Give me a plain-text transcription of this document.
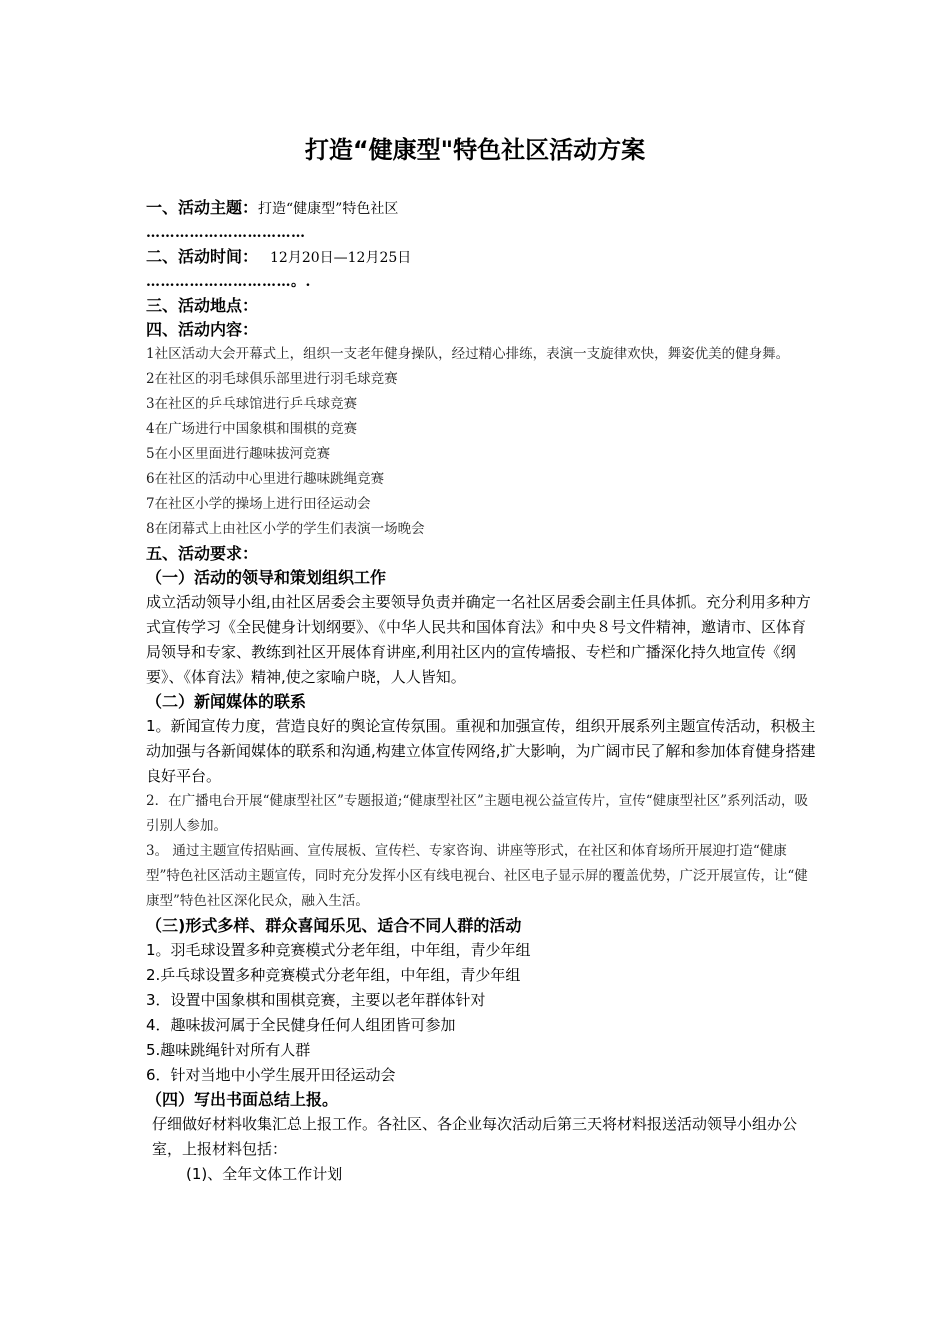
打造“健康型"特色社区活动方案
一、活动主题：打造“健康型”特色社区
……………………………
二、活动时间： 12月20日—12月25日
…………………………。.
三、活动地点：
四、活动内容：
1社区活动大会开幕式上，组织一支老年健身操队，经过精心排练，表演一支旋律欢快，舞姿优美的健身舞。
2在社区的羽毛球俱乐部里进行羽毛球竞赛
3在社区的乒乓球馆进行乒乓球竞赛
4在广场进行中国象棋和围棋的竞赛
5在小区里面进行趣味拔河竞赛
6在社区的活动中心里进行趣味跳绳竞赛
7在社区小学的操场上进行田径运动会
8在闭幕式上由社区小学的学生们表演一场晚会
五、活动要求：
（一）活动的领导和策划组织工作
成立活动领导小组,由社区居委会主要领导负责并确定一名社区居委会副主任具体抓。充分利用多种方式宣传学习《全民健身计划纲要》、《中华人民共和国体育法》和中央８号文件精神，邀请市、区体育局领导和专家、教练到社区开展体育讲座,利用社区内的宣传墙报、专栏和广播深化持久地宣传《纲要》、《体育法》精神,使之家喻户晓，人人皆知。
（二）新闻媒体的联系
1。新闻宣传力度，营造良好的舆论宣传氛围。重视和加强宣传，组织开展系列主题宣传活动，积极主动加强与各新闻媒体的联系和沟通,构建立体宣传网络,扩大影响，为广阔市民了解和参加体育健身搭建良好平台。
2．在广播电台开展“健康型社区”专题报道;“健康型社区”主题电视公益宣传片，宣传“健康型社区”系列活动，吸引别人参加。
3。 通过主题宣传招贴画、宣传展板、宣传栏、专家咨询、讲座等形式，在社区和体育场所开展迎打造“健康型”特色社区活动主题宣传，同时充分发挥小区有线电视台、社区电子显示屏的覆盖优势，广泛开展宣传，让“健康型”特色社区深化民众，融入生活。
（三)形式多样、群众喜闻乐见、适合不同人群的活动
1。羽毛球设置多种竞赛模式分老年组，中年组，青少年组
2.乒乓球设置多种竞赛模式分老年组，中年组，青少年组
3．设置中国象棋和围棋竞赛，主要以老年群体针对
4．趣味拔河属于全民健身任何人组团皆可参加
5.趣味跳绳针对所有人群
6．针对当地中小学生展开田径运动会
（四）写出书面总结上报。
仔细做好材料收集汇总上报工作。各社区、各企业每次活动后第三天将材料报送活动领导小组办公室，上报材料包括：
(1)、全年文体工作计划
